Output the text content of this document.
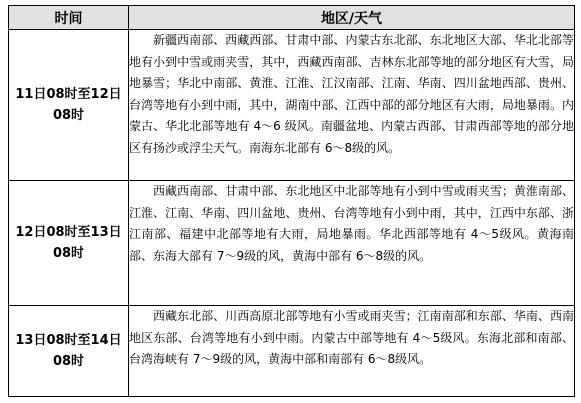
时间	地区/天气
11日08时至12日08时	新疆西南部、西藏西部、甘肃中部、内蒙古东北部、东北地区大部、华北北部等地有小到中雪或雨夹雪，其中，西藏西南部、吉林东北部等地的部分地区有大雪，局地暴雪；华北中南部、黄淮、江淮、江汉南部、江南、华南、四川盆地西部、贵州、台湾等地有小到中雨，其中，湖南中部、江西中部的部分地区有大雨，局地暴雨。内蒙古、华北北部等地有 4～6 级风。南疆盆地、内蒙古西部、甘肃西部等地的部分地区有扬沙或浮尘天气。南海东北部有 6～8级的风。
12日08时至13日08时	西藏西南部、甘肃中部、东北地区中北部等地有小到中雪或雨夹雪；黄淮南部、江淮、江南、华南、四川盆地、贵州、台湾等地有小到中雨，其中，江西中东部、浙江南部、福建中北部等地有大雨，局地暴雨。华北西部等地有 4～5级风。黄海南部、东海大部有 7～9级的风，黄海中部有 6～8级的风。
13日08时至14日08时	西藏东北部、川西高原北部等地有小雪或雨夹雪；江南南部和东部、华南、西南地区东部、台湾等地有小到中雨。内蒙古中部等地有 4～5级风。东海北部和南部、台湾海峡有 7～9级的风，黄海中部和南部有 6～8级风。
